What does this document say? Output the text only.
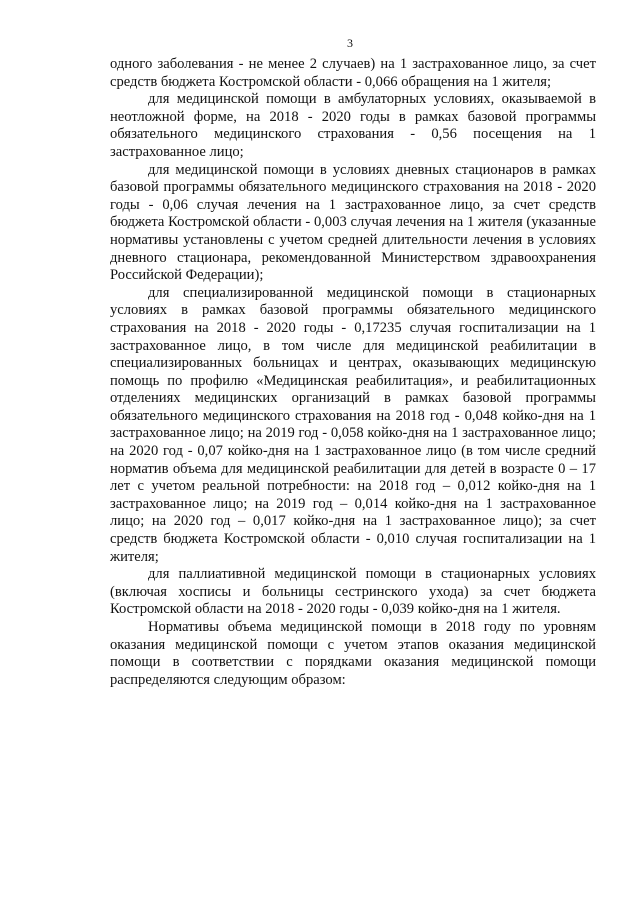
3

одного заболевания - не менее 2 случаев) на 1 застрахованное лицо, за счет средств бюджета Костромской области - 0,066 обращения на 1 жителя;

для медицинской помощи в амбулаторных условиях, оказываемой в неотложной форме, на 2018 - 2020 годы в рамках базовой программы обязательного медицинского страхования - 0,56 посещения на 1 застрахованное лицо;

для медицинской помощи в условиях дневных стационаров в рамках базовой программы обязательного медицинского страхования на 2018 - 2020 годы - 0,06 случая лечения на 1 застрахованное лицо, за счет средств бюджета Костромской области - 0,003 случая лечения на 1 жителя (указанные нормативы установлены с учетом средней длительности лечения в условиях дневного стационара, рекомендованной Министерством здравоохранения Российской Федерации);

для специализированной медицинской помощи в стационарных условиях в рамках базовой программы обязательного медицинского страхования на 2018 - 2020 годы - 0,17235 случая госпитализации на 1 застрахованное лицо, в том числе для медицинской реабилитации в специализированных больницах и центрах, оказывающих медицинскую помощь по профилю «Медицинская реабилитация», и реабилитационных отделениях медицинских организаций в рамках базовой программы обязательного медицинского страхования на 2018 год - 0,048 койко-дня на 1 застрахованное лицо; на 2019 год - 0,058 койко-дня на 1 застрахованное лицо; на 2020 год - 0,07 койко-дня на 1 застрахованное лицо (в том числе средний норматив объема для медицинской реабилитации для детей в возрасте 0 – 17 лет с учетом реальной потребности: на 2018 год – 0,012 койко-дня на 1 застрахованное лицо; на 2019 год – 0,014 койко-дня на 1 застрахованное лицо; на 2020 год – 0,017 койко-дня на 1 застрахованное лицо); за счет средств бюджета Костромской области - 0,010 случая госпитализации на 1 жителя;

для паллиативной медицинской помощи в стационарных условиях (включая хосписы и больницы сестринского ухода) за счет бюджета Костромской области на 2018 - 2020 годы - 0,039 койко-дня на 1 жителя.

Нормативы объема медицинской помощи в 2018 году по уровням оказания медицинской помощи с учетом этапов оказания медицинской помощи в соответствии с порядками оказания медицинской помощи распределяются следующим образом:
